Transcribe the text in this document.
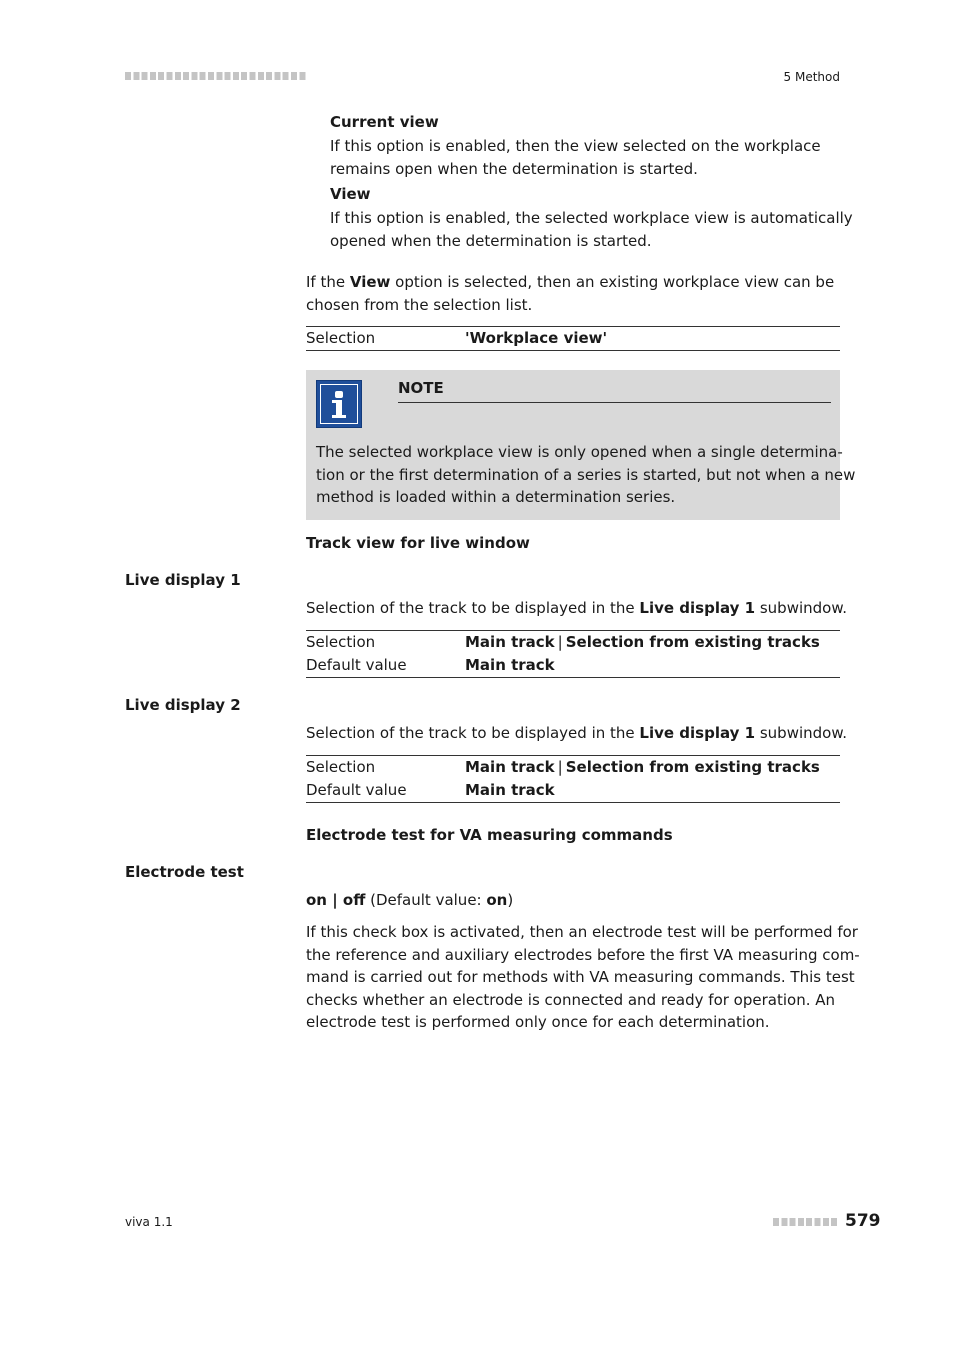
5 Method
Current view
If this option is enabled, then the view selected on the workplace
remains open when the determination is started.
View
If this option is enabled, the selected workplace view is automatically
opened when the determination is started.
If the View option is selected, then an existing workplace view can be
chosen from the selection list.
Selection	'Workplace view'
NOTE
The selected workplace view is only opened when a single determina-
tion or the first determination of a series is started, but not when a new
method is loaded within a determination series.
Track view for live window
Live display 1
Selection of the track to be displayed in the Live display 1 subwindow.
Selection	Main track | Selection from existing tracks
Default value	Main track
Live display 2
Selection of the track to be displayed in the Live display 1 subwindow.
Selection	Main track | Selection from existing tracks
Default value	Main track
Electrode test for VA measuring commands
Electrode test
on | off (Default value: on)
If this check box is activated, then an electrode test will be performed for
the reference and auxiliary electrodes before the first VA measuring com-
mand is carried out for methods with VA measuring commands. This test
checks whether an electrode is connected and ready for operation. An
electrode test is performed only once for each determination.
viva 1.1	579
